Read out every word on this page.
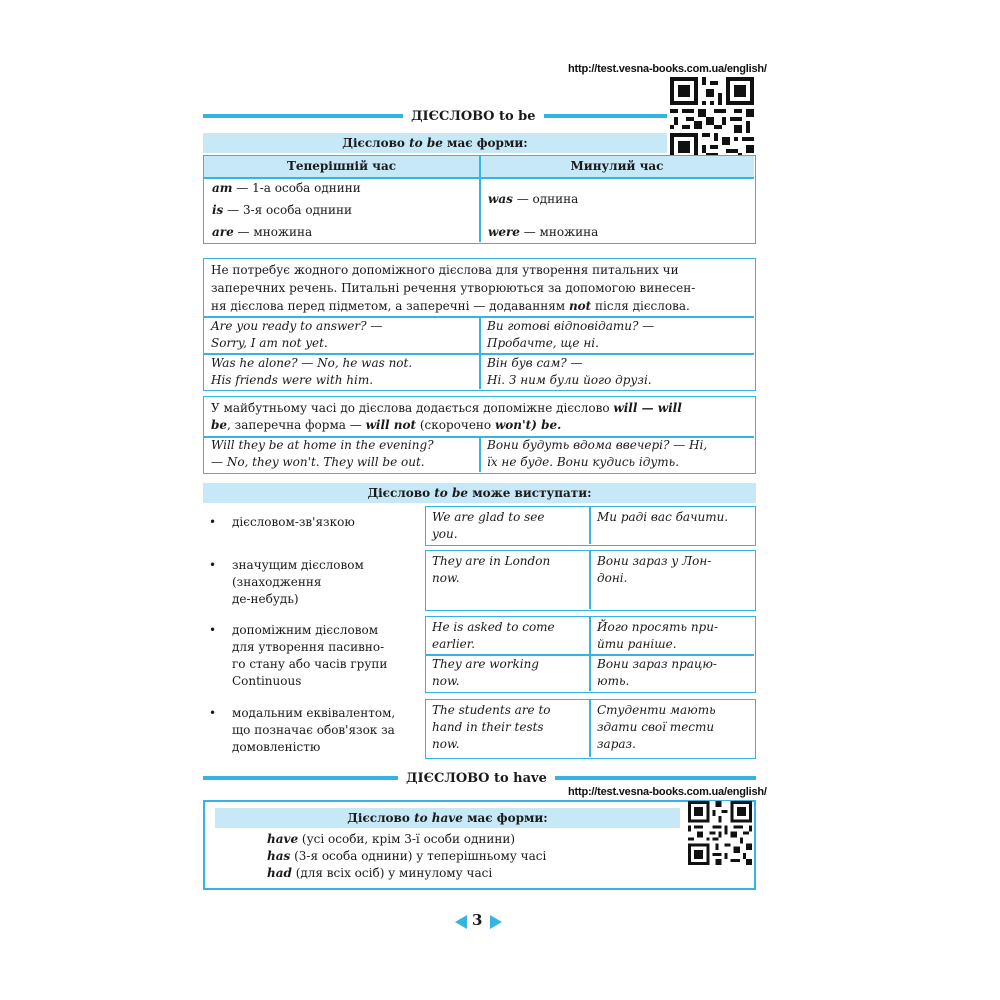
http://test.vesna-books.com.ua/english/
ДІЄСЛОВО to be
Дієслово to be має форми:
Теперішній час	Минулий час
am — 1-а особа однини
is — 3-я особа однини
are — множина
was — однина
were — множина
Не потребує жодного допоміжного дієслова для утворення питальних чи
заперечних речень. Питальні речення утворюються за допомогою винесен-
ня дієслова перед підметом, а заперечні — додаванням not після дієслова.
Are you ready to answer? —
Sorry, I am not yet.
Ви готові відповідати? —
Пробачте, ще ні.
Was he alone? — No, he was not.
His friends were with him.
Він був сам? —
Ні. З ним були його друзі.
У майбутньому часі до дієслова додається допоміжне дієслово will — will
be, заперечна форма — will not (скорочено won't) be.
Will they be at home in the evening?
— No, they won't. They will be out.
Вони будуть вдома ввечері? — Ні,
їх не буде. Вони кудись ідуть.
Дієслово to be може виступати:
• дієсловом-зв'язкою	We are glad to see
you.
Ми раді вас бачити.
• значущим дієсловом
(знаходження
де-небудь)
They are in London
now.
Вони зараз у Лон-
доні.
• допоміжним дієсловом
для утворення пасивно-
го стану або часів групи
Continuous
He is asked to come
earlier.
Його просять при-
йти раніше.
They are working
now.
Вони зараз працю-
ють.
• модальним еквівалентом,
що позначає обов'язок за
домовленістю
The students are to
hand in their tests
now.
Студенти мають
здати свої тести
зараз.
ДІЄСЛОВО to have
http://test.vesna-books.com.ua/english/
Дієслово to have має форми:
have (усі особи, крім 3-ї особи однини)
has (3-я особа однини) у теперішньому часі
had (для всіх осіб) у минулому часі
3
